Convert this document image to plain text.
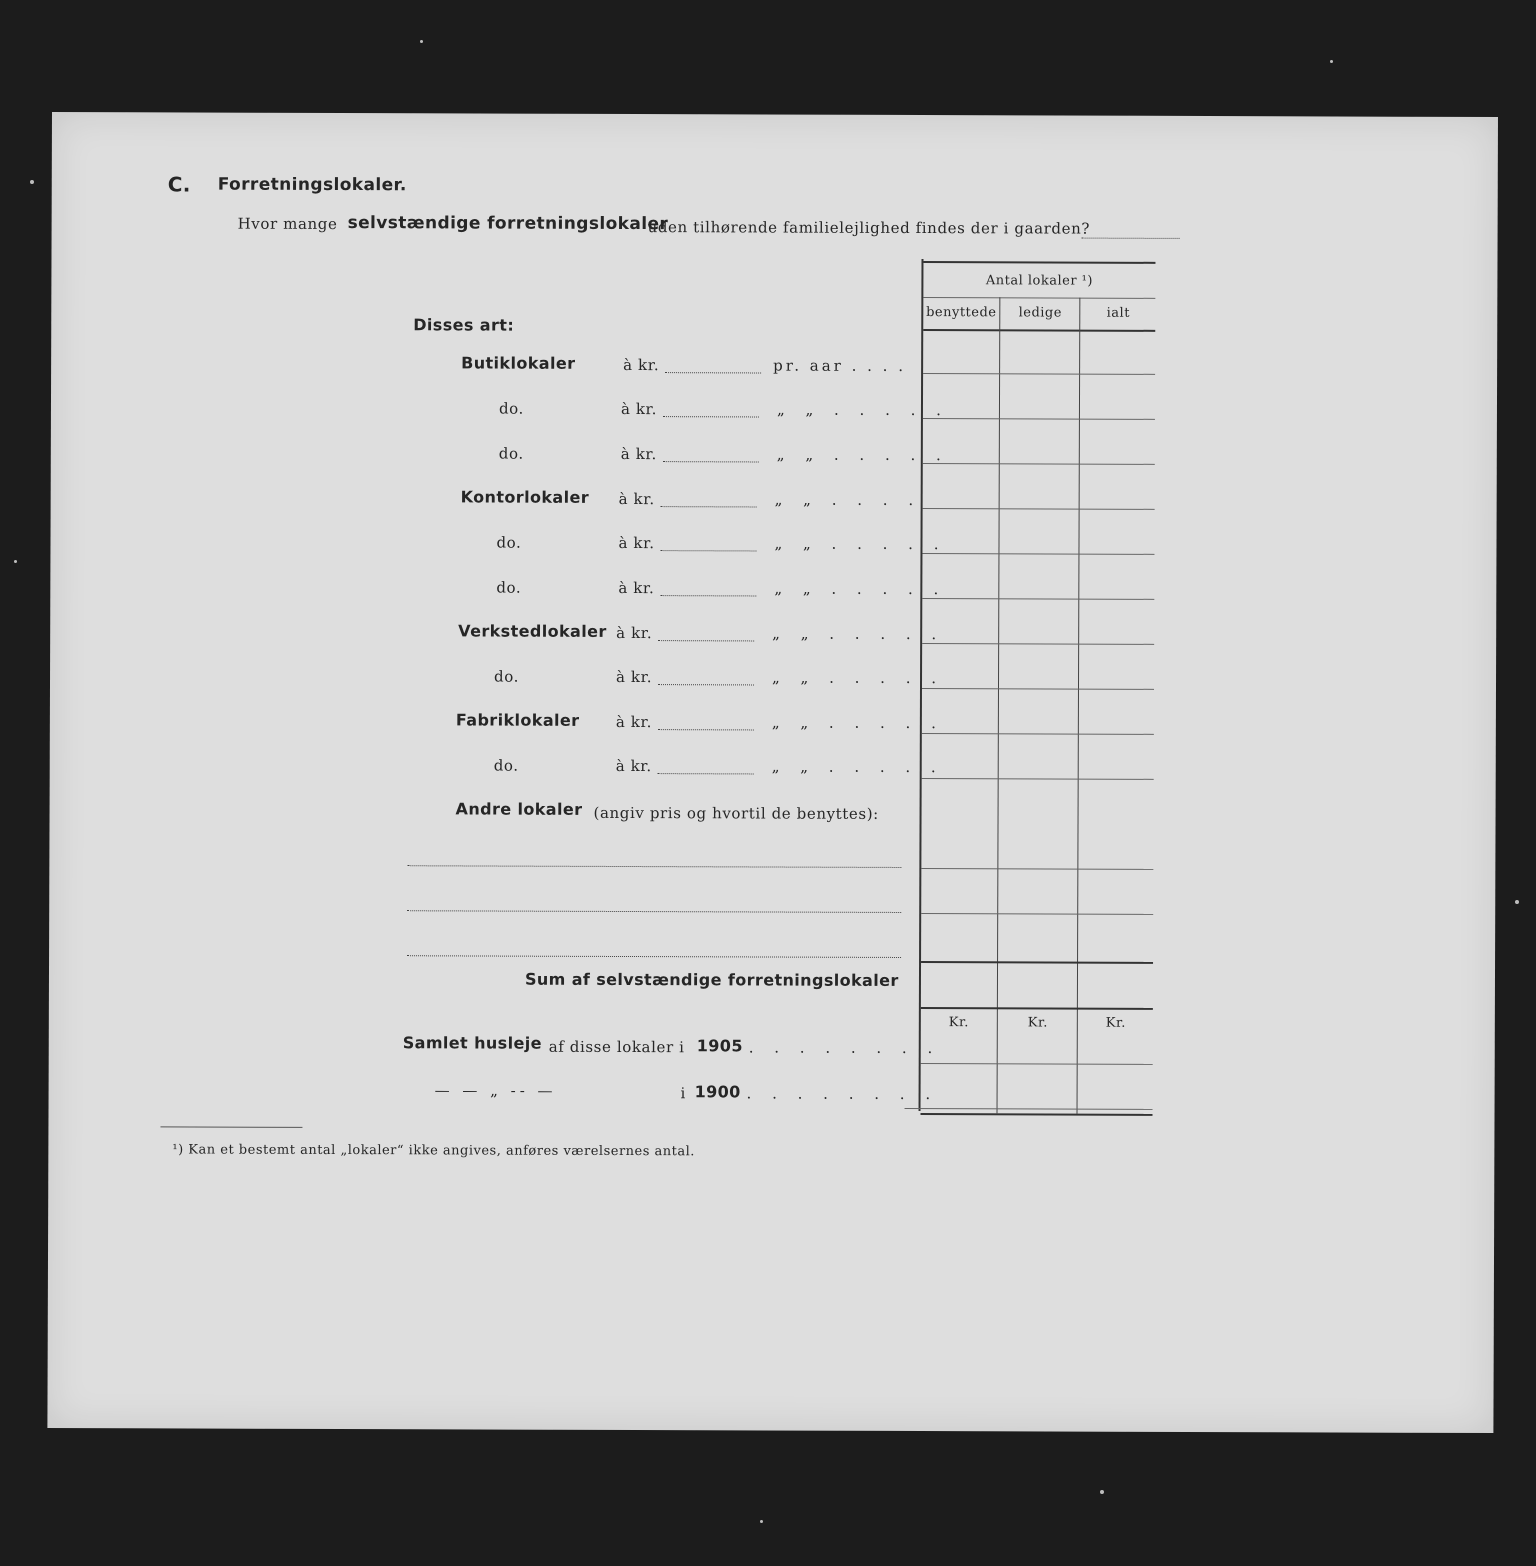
C. Forretningslokaler.
Hvor mange selvstændige forretningslokaler
uden tilhørende familielejlighed findes der i gaarden?
Antal lokaler ¹)
benyttede	ledige	ialt
Kr.	Kr.	Kr.
Disses art:
Butiklokaler	à kr.	pr. aar . . . .
do.	à kr.	„ „ . . . . .
do.	à kr.	„ „ . . . . .
Kontorlokaler à kr.	„ „ . . . .
do.	à kr.	„ „ . . . . .
do.	à kr.	„ „ . . . . .
Verkstedlokaler à kr.	„ „ . . . . .
do.	à kr.	„ „ . . . . .
Fabriklokaler à kr.	„ „ . . . . .
do.	à kr.	„ „ . . . . .
Andre lokaler (angiv pris og hvortil de benyttes):
Sum af selvstændige forretningslokaler
Samlet husleje af disse lokaler i 1905 . . . . . . . .
— — „ -- —	i 1900 . . . . . . . .
¹) Kan et bestemt antal „lokaler“ ikke angives, anføres værelsernes antal.
